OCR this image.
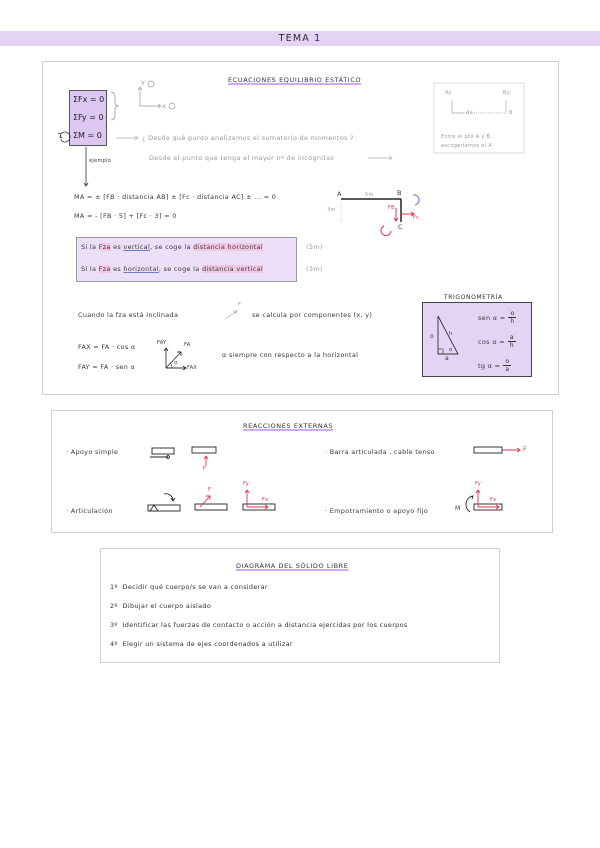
TEMA 1
ECUACIONES EQUILIBRIO ESTÁTICO
ΣFx = 0
ΣFy = 0
ΣM = 0
+
y
x
¿ Desde qué punto analizamos el sumatorio de momentos ?
Desde el punto que tenga el mayor nº de incógnitas
ejemplo
Ay
Ax
By
B
Entre el pto A y B,
escogeríamos el A
MA = ± [FB · distancia AB] ± [Fc · distancia AC] ± ... = 0
MA = - [FB · 5] + [Fc · 3] = 0
A	B
C
5m
3m	FB
Fc
Si la Fza es vertical, se coge la distancia horizontal	(5m)
Si la Fza es horizontal, se coge la distancia vertical	(3m)
Cuando la fza está inclinada
F
se calcula por componentes (x, y)
FAX = FA · cos α
FAY = FA · sen α
FAY	FA
FAX
α
α siempre con respecto a la horizontal
TRIGONOMETRÍA
h
o
a
α
sen $\alpha = \frac{o}{h}$
$\cos \alpha = \frac{a}{h}$
tg $\alpha = \frac{o}{a}$
REACCIONES EXTERNAS
· Apoyo simple	· Barra articulada , cable tenso
· Articulación	· Empotramiento o apoyo fijo
F
F
F
Fy
Fx
M
Fy
Fx
DIAGRAMA DEL SÓLIDO LIBRE
1º Decidir qué cuerpo/s se van a considerar
2º Dibujar el cuerpo aislado
3º Identificar las fuerzas de contacto o acción a distancia ejercidas por los cuerpos
4º Elegir un sistema de ejes coordenados a utilizar
